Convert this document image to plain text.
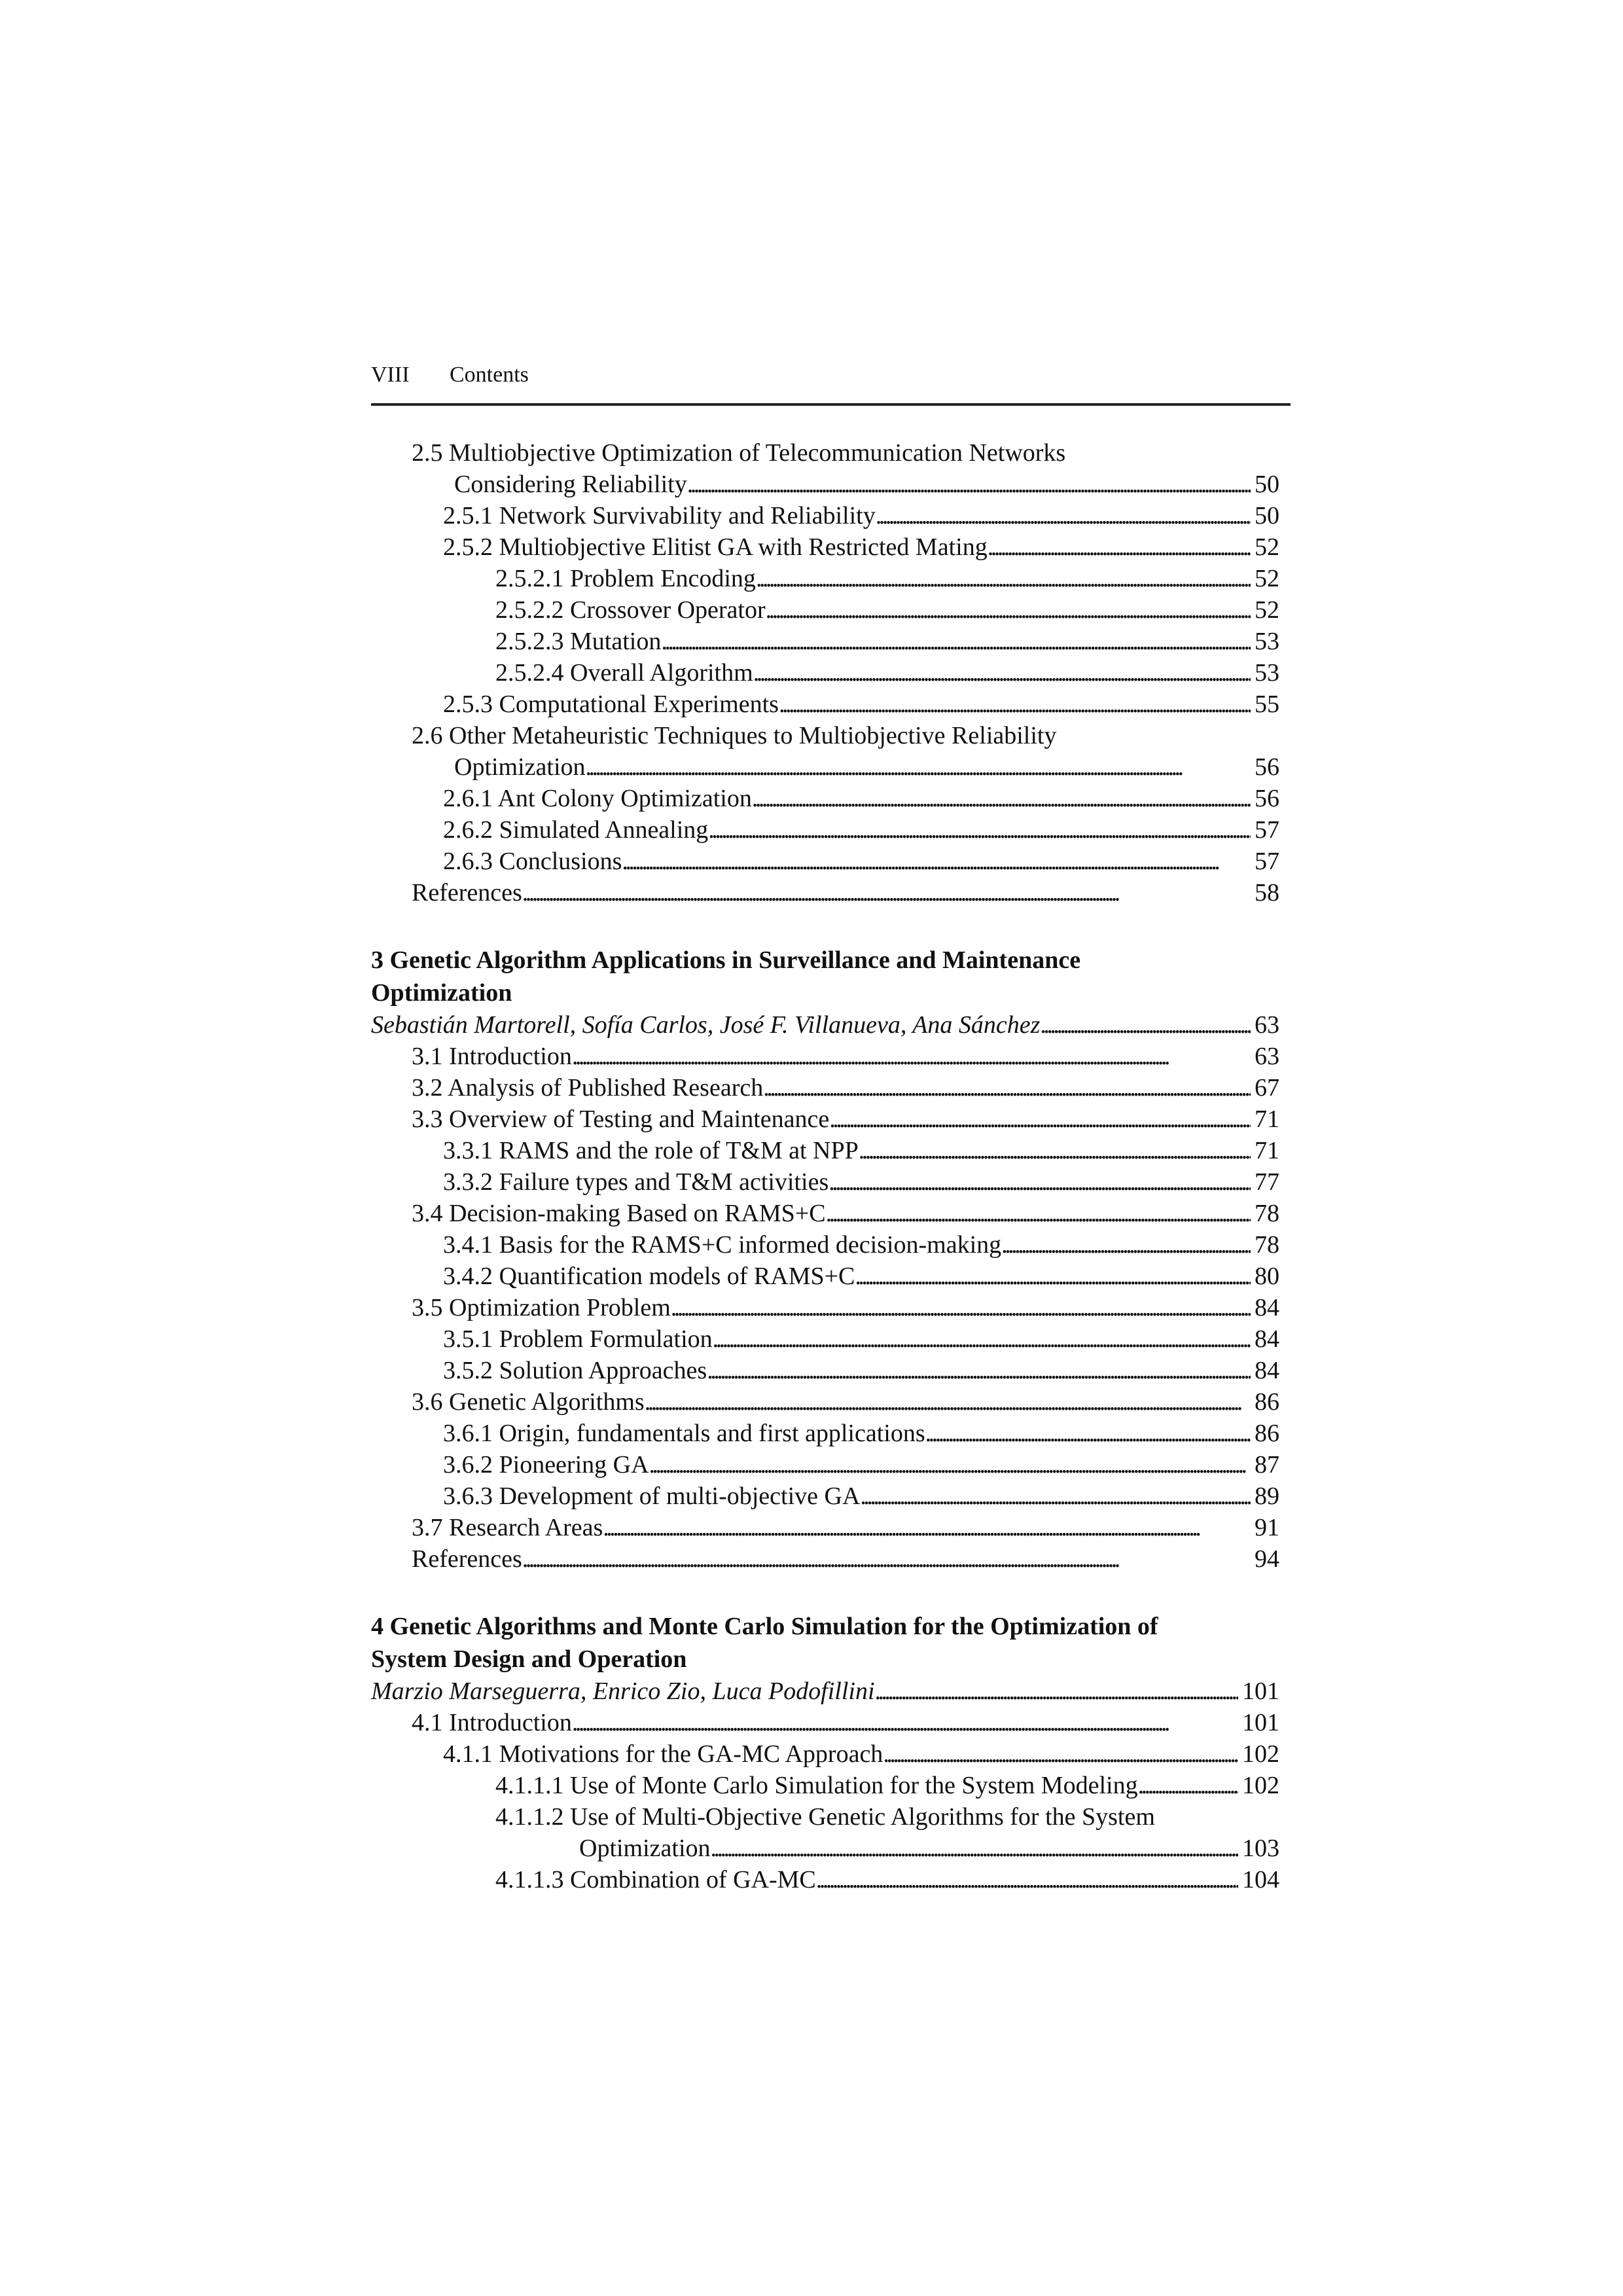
VIII Contents
2.5 Multiobjective Optimization of Telecommunication Networks
Considering Reliability . . .	50
2.5.1 Network Survivability and Reliability . . .	50
2.5.2 Multiobjective Elitist GA with Restricted Mating . . .	52
2.5.2.1 Problem Encoding . . .	52
2.5.2.2 Crossover Operator . . .	52
2.5.2.3 Mutation . . .	53
2.5.2.4 Overall Algorithm . . .	53
2.5.3 Computational Experiments . . .	55
2.6 Other Metaheuristic Techniques to Multiobjective Reliability
Optimization . . .	56
2.6.1 Ant Colony Optimization . . .	56
2.6.2 Simulated Annealing . . .	57
2.6.3 Conclusions . . .	57
References . . .	58
3 Genetic Algorithm Applications in Surveillance and Maintenance
Optimization
Sebastián Martorell, Sofía Carlos, José F. Villanueva, Ana Sánchez . . .	63
3.1 Introduction . . .	63
3.2 Analysis of Published Research . . .	67
3.3 Overview of Testing and Maintenance . . .	71
3.3.1 RAMS and the role of T&M at NPP . . .	71
3.3.2 Failure types and T&M activities . . .	77
3.4 Decision-making Based on RAMS+C . . .	78
3.4.1 Basis for the RAMS+C informed decision-making . . .	78
3.4.2 Quantification models of RAMS+C . . .	80
3.5 Optimization Problem . . .	84
3.5.1 Problem Formulation . . .	84
3.5.2 Solution Approaches . . .	84
3.6 Genetic Algorithms . . .	86
3.6.1 Origin, fundamentals and first applications . . .	86
3.6.2 Pioneering GA . . .	87
3.6.3 Development of multi-objective GA . . .	89
3.7 Research Areas . . .	91
References . . .	94
4 Genetic Algorithms and Monte Carlo Simulation for the Optimization of
System Design and Operation
Marzio Marseguerra, Enrico Zio, Luca Podofillini . . .	101
4.1 Introduction . . .	101
4.1.1 Motivations for the GA-MC Approach . . .	102
4.1.1.1 Use of Monte Carlo Simulation for the System Modeling . . .	102
4.1.1.2 Use of Multi-Objective Genetic Algorithms for the System
Optimization . . .	103
4.1.1.3 Combination of GA-MC . . .	104
